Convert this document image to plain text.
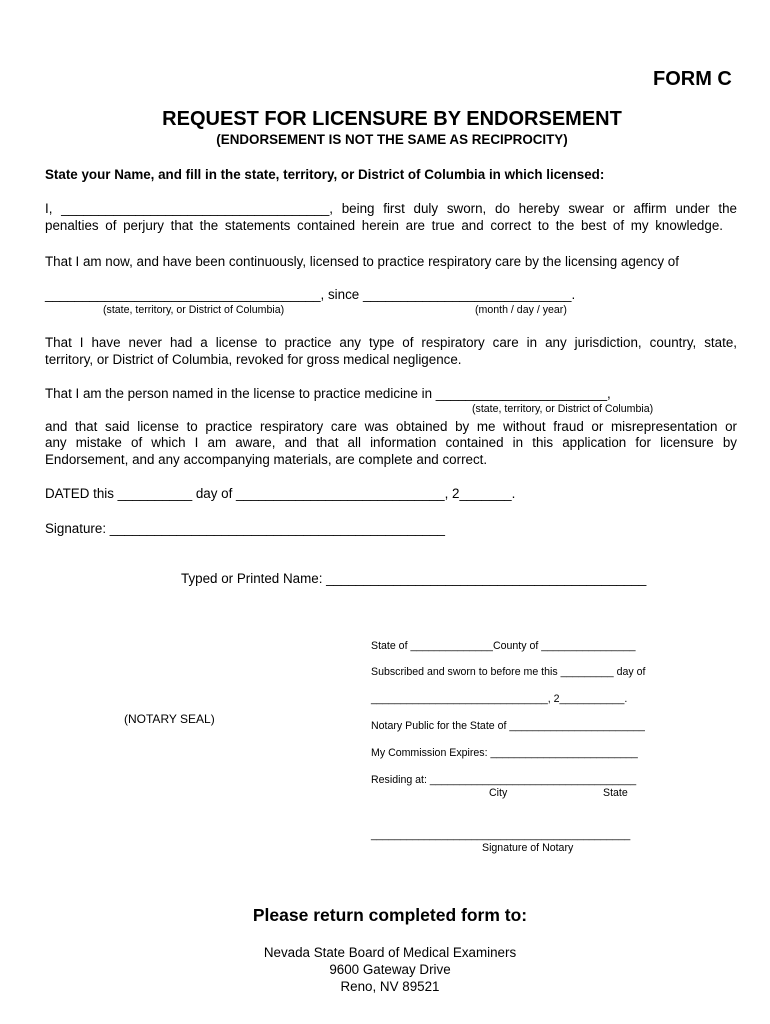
FORM C
REQUEST FOR LICENSURE BY ENDORSEMENT
(ENDORSEMENT IS NOT THE SAME AS RECIPROCITY)
State your Name, and fill in the state, territory, or District of Columbia in which licensed:
I, ____________________________________, being first duly sworn, do hereby swear or affirm under the
penalties of perjury that the statements contained herein are true and correct to the best of my knowledge.
That I am now, and have been continuously, licensed to practice respiratory care by the licensing agency of
_____________________________________, since ____________________________.
(state, territory, or District of Columbia)	(month / day / year)
That I have never had a license to practice any type of respiratory care in any jurisdiction, country, state,
territory, or District of Columbia, revoked for gross medical negligence.
That I am the person named in the license to practice medicine in _______________________,
(state, territory, or District of Columbia)
and that said license to practice respiratory care was obtained by me without fraud or misrepresentation or
any mistake of which I am aware, and that all information contained in this application for licensure by
Endorsement, and any accompanying materials, are complete and correct.
DATED this __________ day of ____________________________, 2_______.
Signature: _____________________________________________
Typed or Printed Name: ___________________________________________
State of ______________County of ________________
Subscribed and sworn to before me this _________ day of
______________________________, 2___________.
(NOTARY SEAL)	Notary Public for the State of _______________________
My Commission Expires: _________________________
Residing at: ___________________________________
City	State
____________________________________________
Signature of Notary
Please return completed form to:
Nevada State Board of Medical Examiners
9600 Gateway Drive
Reno, NV 89521
